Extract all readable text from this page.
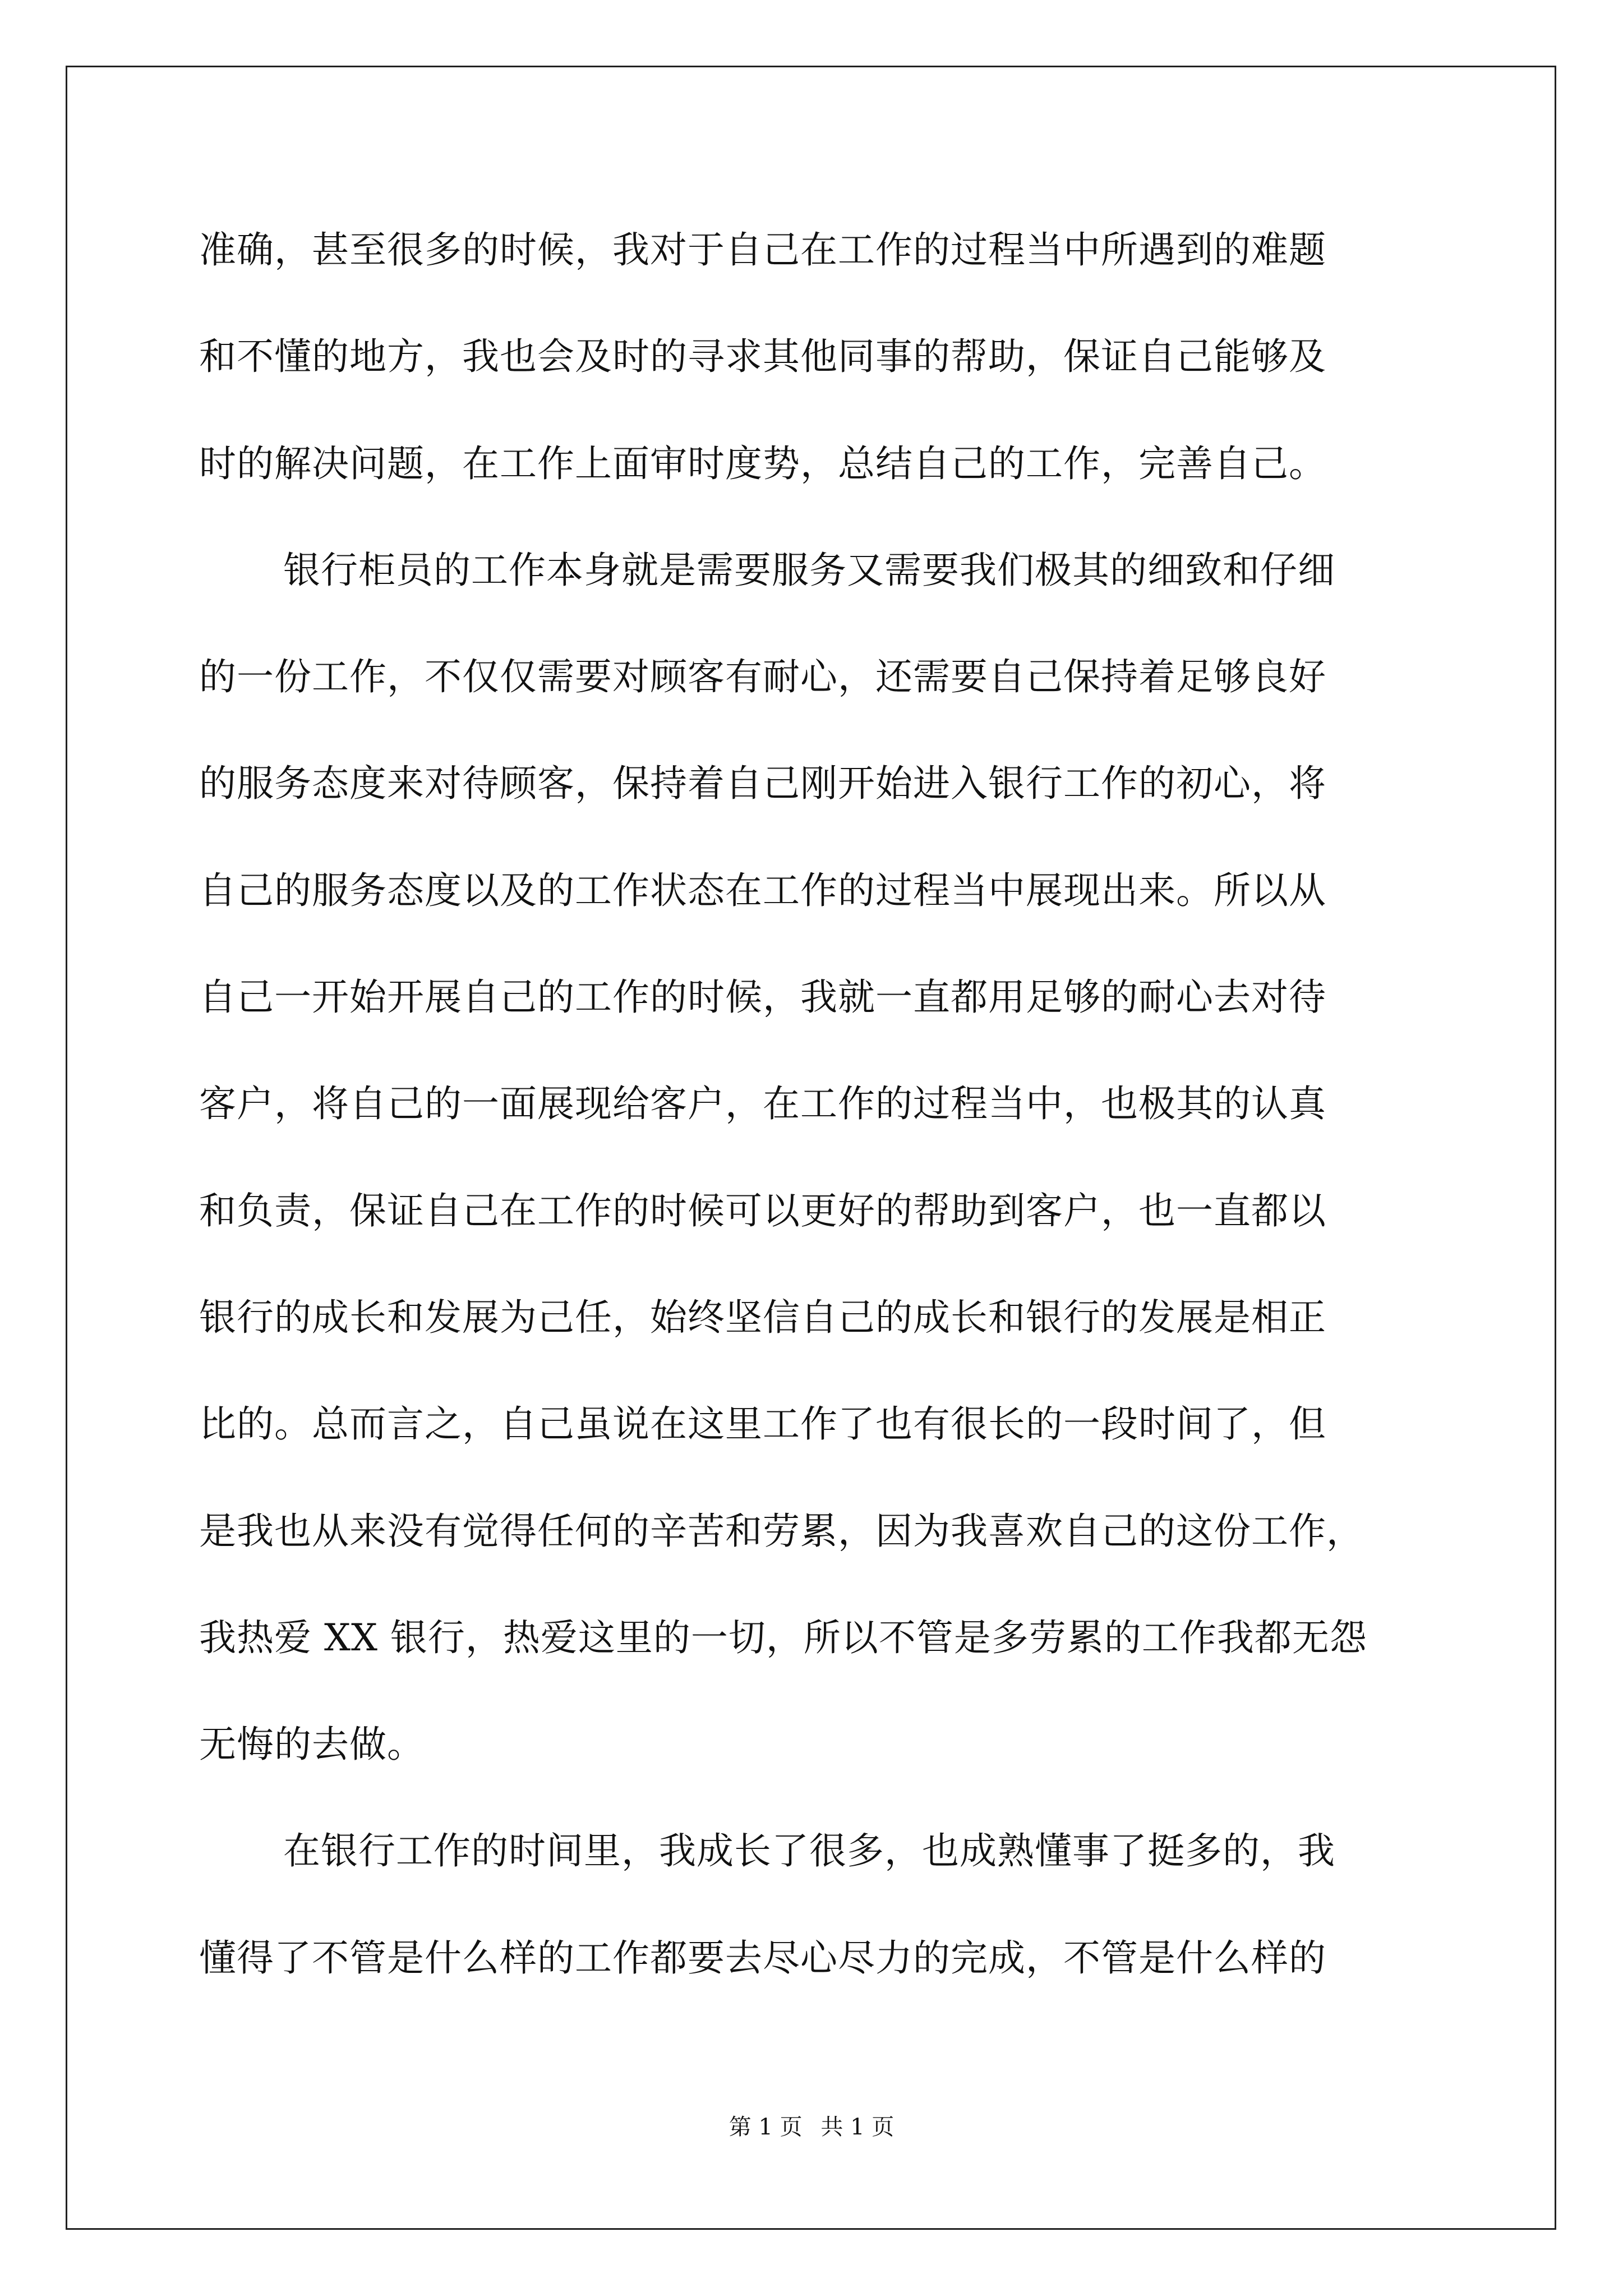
准确，甚至很多的时候，我对于自己在工作的过程当中所遇到的难题
和不懂的地方，我也会及时的寻求其他同事的帮助，保证自己能够及
时的解决问题，在工作上面审时度势，总结自己的工作，完善自己。
银行柜员的工作本身就是需要服务又需要我们极其的细致和仔细
的一份工作，不仅仅需要对顾客有耐心，还需要自己保持着足够良好
的服务态度来对待顾客，保持着自己刚开始进入银行工作的初心，将
自己的服务态度以及的工作状态在工作的过程当中展现出来。所以从
自己一开始开展自己的工作的时候，我就一直都用足够的耐心去对待
客户，将自己的一面展现给客户，在工作的过程当中，也极其的认真
和负责，保证自己在工作的时候可以更好的帮助到客户，也一直都以
银行的成长和发展为己任，始终坚信自己的成长和银行的发展是相正
比的。总而言之，自己虽说在这里工作了也有很长的一段时间了，但
是我也从来没有觉得任何的辛苦和劳累，因为我喜欢自己的这份工作，
我热爱 XX 银行，热爱这里的一切，所以不管是多劳累的工作我都无怨
无悔的去做。
在银行工作的时间里，我成长了很多，也成熟懂事了挺多的，我
懂得了不管是什么样的工作都要去尽心尽力的完成，不管是什么样的
第 1 页 共 1 页
